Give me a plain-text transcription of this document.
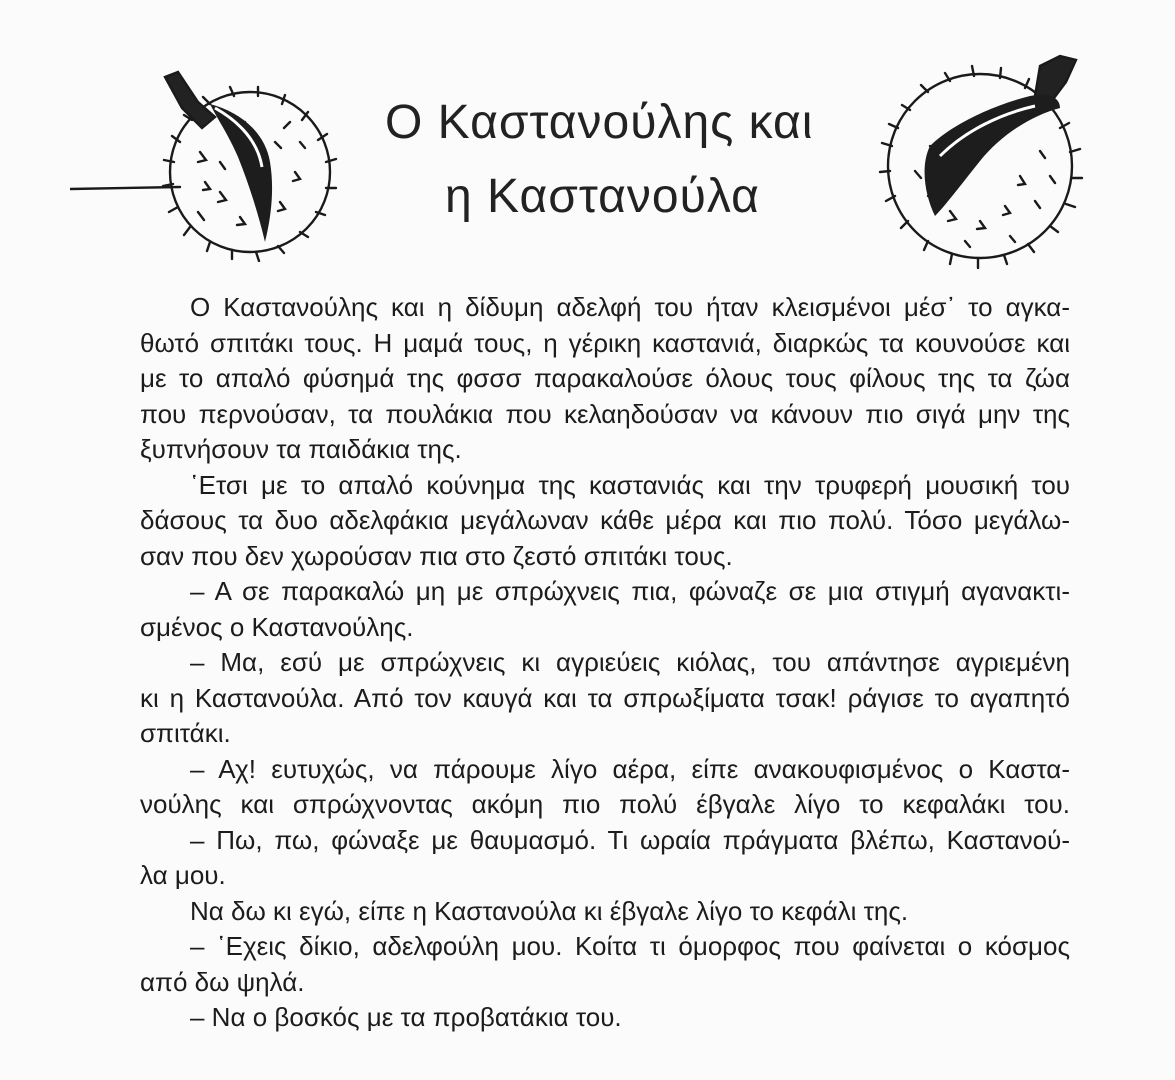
Ο Καστανούλης και
η Καστανούλα
Ο Καστανούλης και η δίδυμη αδελφή του ήταν κλεισμένοι μέσ᾽ το αγκα-
θωτό σπιτάκι τους. Η μαμά τους, η γέρικη καστανιά, διαρκώς τα κουνούσε και
με το απαλό φύσημά της φσσσ παρακαλούσε όλους τους φίλους της τα ζώα
που περνούσαν, τα πουλάκια που κελαηδούσαν να κάνουν πιο σιγά μην της
ξυπνήσουν τα παιδάκια της.
῾Ετσι με το απαλό κούνημα της καστανιάς και την τρυφερή μουσική του
δάσους τα δυο αδελφάκια μεγάλωναν κάθε μέρα και πιο πολύ. Τόσο μεγάλω-
σαν που δεν χωρούσαν πια στο ζεστό σπιτάκι τους.
– Α σε παρακαλώ μη με σπρώχνεις πια, φώναζε σε μια στιγμή αγανακτι-
σμένος ο Καστανούλης.
– Μα, εσύ με σπρώχνεις κι αγριεύεις κιόλας, του απάντησε αγριεμένη
κι η Καστανούλα. Από τον καυγά και τα σπρωξίματα τσακ! ράγισε το αγαπητό
σπιτάκι.
– Αχ! ευτυχώς, να πάρουμε λίγο αέρα, είπε ανακουφισμένος ο Καστα-
νούλης και σπρώχνοντας ακόμη πιο πολύ έβγαλε λίγο το κεφαλάκι του.
– Πω, πω, φώναξε με θαυμασμό. Τι ωραία πράγματα βλέπω, Καστανού-
λα μου.
Να δω κι εγώ, είπε η Καστανούλα κι έβγαλε λίγο το κεφάλι της.
– ῾Εχεις δίκιο, αδελφούλη μου. Κοίτα τι όμορφος που φαίνεται ο κόσμος
από δω ψηλά.
– Να ο βοσκός με τα προβατάκια του.
